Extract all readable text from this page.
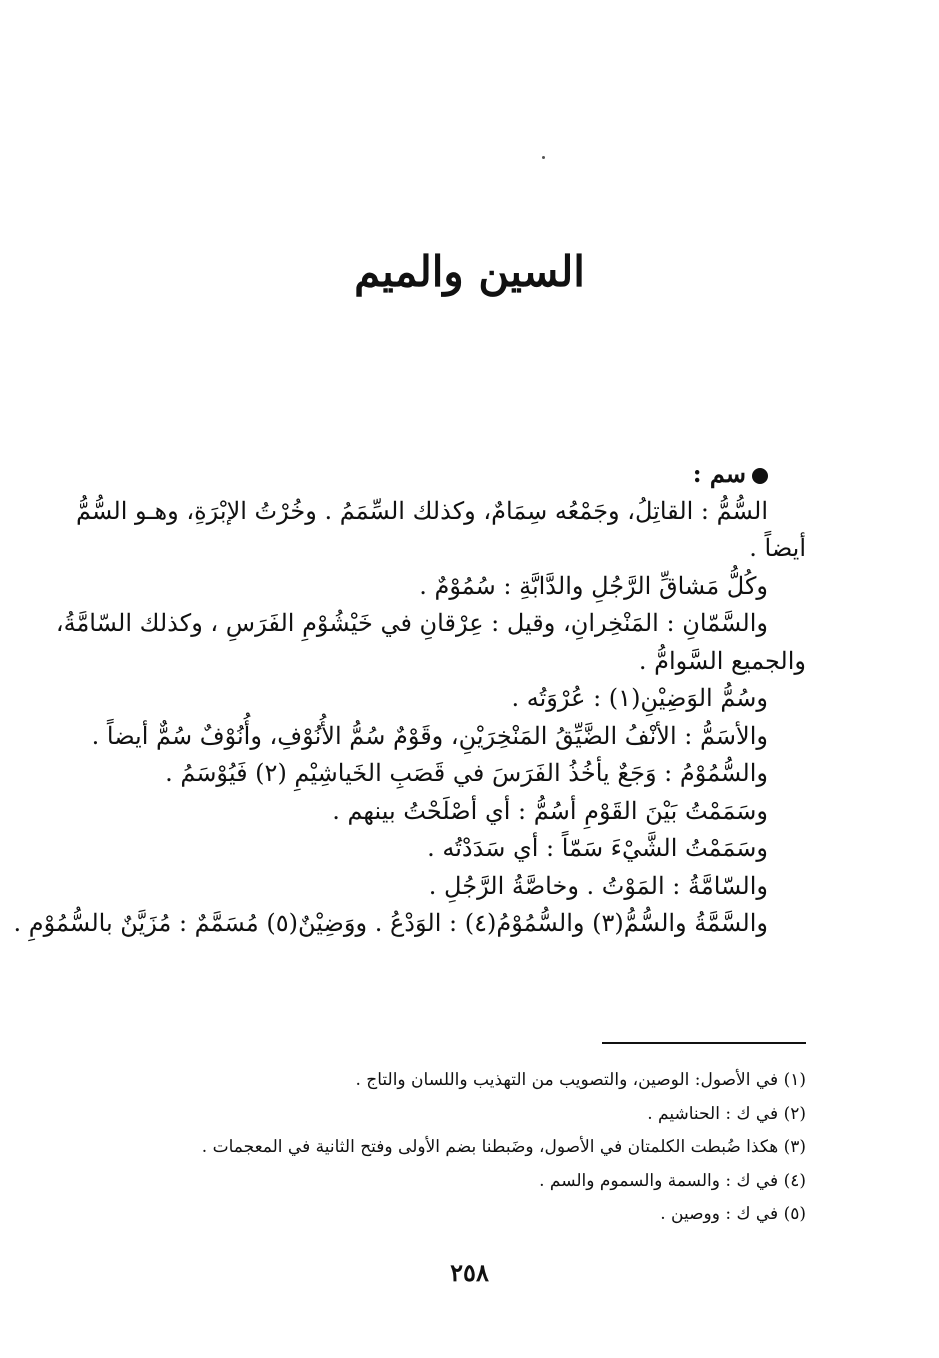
السين والميم
سم :
السُّمُّ : القاتِلُ، وجَمْعُه سِمَامٌ، وكذلك السِّمَمُ . وخُرْتُ الإبْرَةِ، وهـو السُّمُّ
أيضاً .
وكُلُّ مَشاقِّ الرَّجُلِ والدَّابَّةِ : سُمُوْمٌ .
والسَّمّانِ : المَنْخِرانِ، وقيل : عِرْقانِ في خَيْشُوْمِ الفَرَسِ ، وكذلك السّامَّةُ،
والجميع السَّوامُّ .
وسُمُّ الوَضِيْنِ(١) : عُرْوَتُه .
والأسَمُّ : الأنْفُ الضَّيِّقُ المَنْخِرَيْنِ، وقَوْمٌ سُمُّ الأُنُوْفِ، وأُنُوْفٌ سُمٌّ أيضاً .
والسُّمُوْمُ : وَجَعٌ يأخُذُ الفَرَسَ في قَصَبِ الخَياشِيْمِ (٢) فَيُوْسَمُ .
وسَمَمْتُ بَيْنَ القَوْمِ أسُمُّ : أي أصْلَحْتُ بينهم .
وسَمَمْتُ الشَّيْءَ سَمّاً : أي سَدَدْتُه .
والسّامَّةُ : المَوْتُ . وخاصَّةُ الرَّجُلِ .
والسَّمَّةُ والسُّمُّ(٣) والسُّمُوْمُ(٤) : الوَدْعُ . ووَضِيْنٌ(٥) مُسَمَّمٌ : مُزَيَّنٌ بالسُّمُوْمِ .
(١) في الأصول: الوصين، والتصويب من التهذيب واللسان والتاج .
(٢) في ك : الحناشيم .
(٣) هكذا ضُبطت الكلمتان في الأصول، وضَبطنا بضم الأولى وفتح الثانية في المعجمات .
(٤) في ك : والسمة والسموم والسم .
(٥) في ك : ووصين .
٢٥٨
